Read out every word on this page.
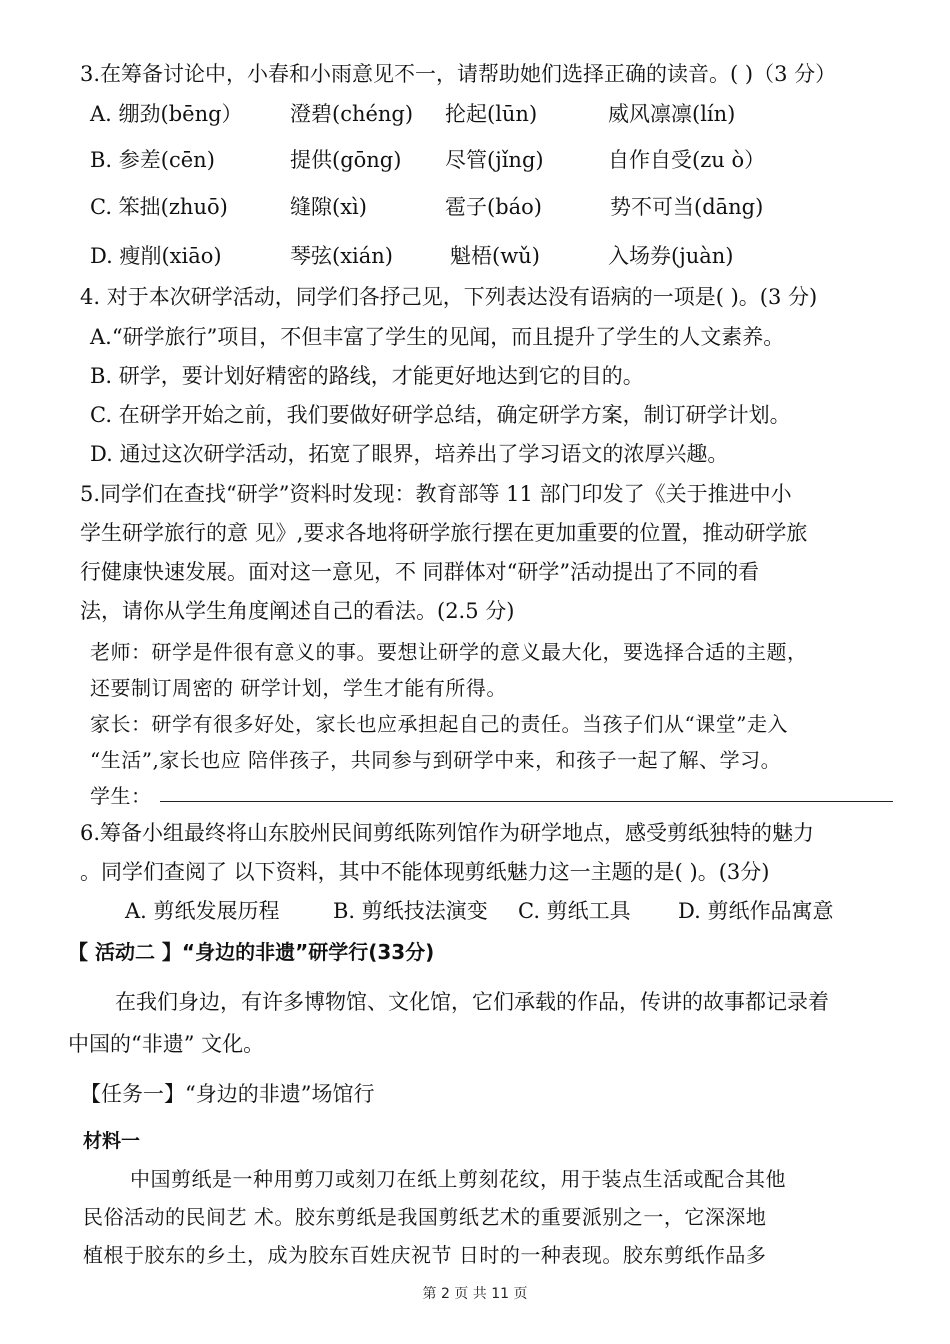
3.在筹备讨论中，小春和小雨意见不一，请帮助她们选择正确的读音。( )（3 分）
A. 绷劲(bēng） 澄碧(chéng) 抡起(lūn)	威风凛凛(lín)
B. 参差(cēn)	提供(gōng) 尽管(jǐng)	自作自受(zu ò）
C. 笨拙(zhuō)	缝隙(xì)	雹子(báo)	势不可当(dāng)
D. 瘦削(xiāo)	琴弦(xián)	魁梧(wǔ)	入场券(juàn)
4. 对于本次研学活动，同学们各抒己见，下列表达没有语病的一项是( )。(3 分)
A.“研学旅行”项目，不但丰富了学生的见闻，而且提升了学生的人文素养。
B. 研学，要计划好精密的路线，才能更好地达到它的目的。
C. 在研学开始之前，我们要做好研学总结，确定研学方案，制订研学计划。
D. 通过这次研学活动，拓宽了眼界，培养出了学习语文的浓厚兴趣。
5.同学们在查找“研学”资料时发现：教育部等 11 部门印发了《关于推进中小
学生研学旅行的意 见》,要求各地将研学旅行摆在更加重要的位置，推动研学旅
行健康快速发展。面对这一意见，不 同群体对“研学”活动提出了不同的看
法，请你从学生角度阐述自己的看法。(2.5 分)
老师：研学是件很有意义的事。要想让研学的意义最大化，要选择合适的主题，
还要制订周密的 研学计划，学生才能有所得。
家长：研学有很多好处，家长也应承担起自己的责任。当孩子们从“课堂”走入
“生活”,家长也应 陪伴孩子，共同参与到研学中来，和孩子一起了解、学习。
学生：
6.筹备小组最终将山东胶州民间剪纸陈列馆作为研学地点，感受剪纸独特的魅力
。同学们查阅了 以下资料，其中不能体现剪纸魅力这一主题的是( )。(3分)
A. 剪纸发展历程	B. 剪纸技法演变 C. 剪纸工具 D. 剪纸作品寓意
【 活动二 】“身边的非遗”研学行(33分)
在我们身边，有许多博物馆、文化馆，它们承载的作品，传讲的故事都记录着
中国的“非遗” 文化。
【任务一】“身边的非遗”场馆行
材料一
中国剪纸是一种用剪刀或刻刀在纸上剪刻花纹，用于装点生活或配合其他
民俗活动的民间艺 术。胶东剪纸是我国剪纸艺术的重要派别之一，它深深地
植根于胶东的乡土，成为胶东百姓庆祝节 日时的一种表现。胶东剪纸作品多
第 2 页 共 11 页
